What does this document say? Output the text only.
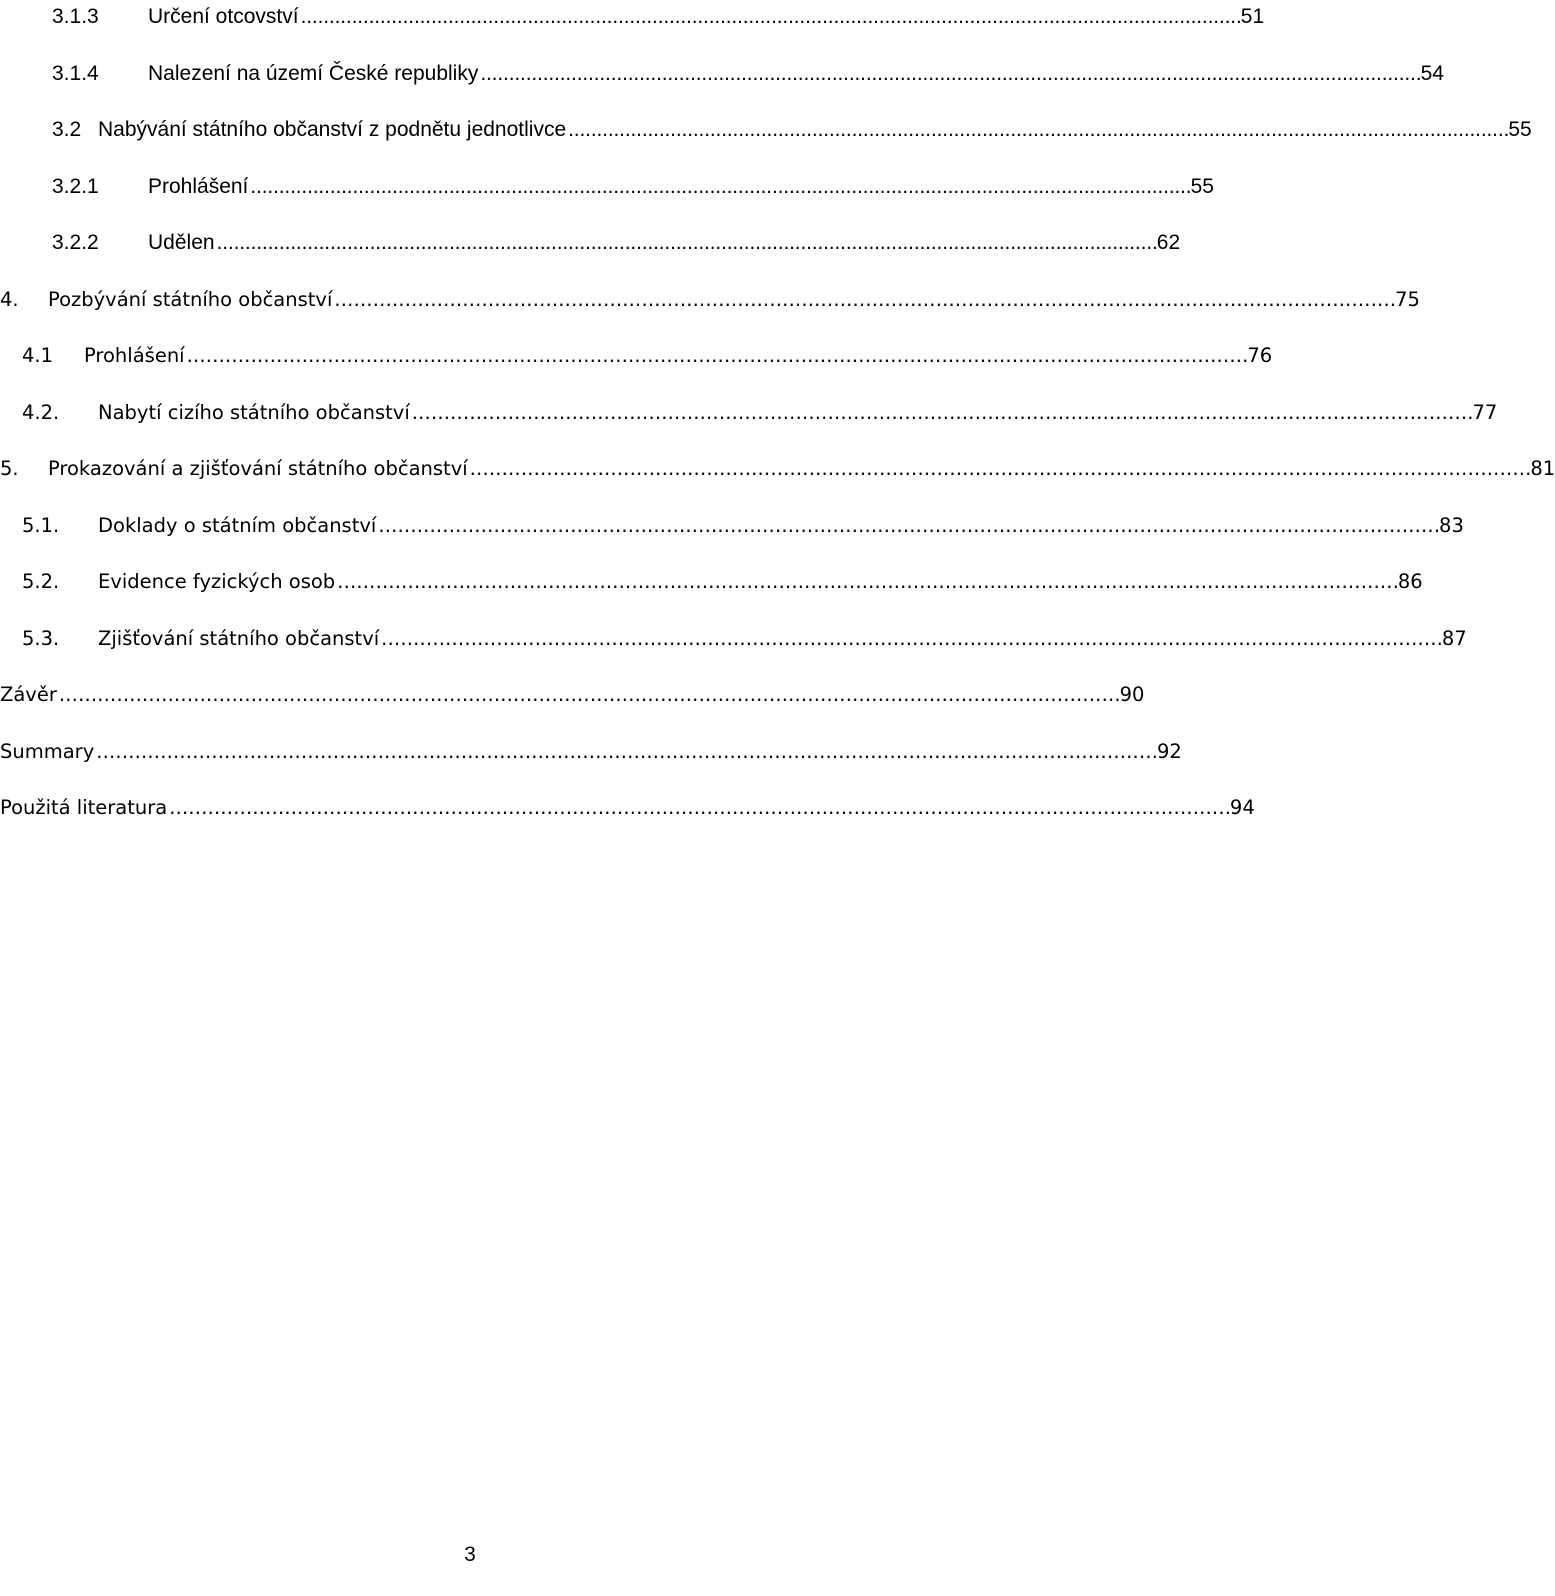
3.1.3	Určení otcovství . . .	51
3.1.4	Nalezení na území České republiky . . .	54
3.2 Nabývání státního občanství z podnětu jednotlivce . . .	55
3.2.1	Prohlášení . . .	55
3.2.2	Udělen . . .	62
4.	Pozbývání státního občanství . . .	75
4.1	Prohlášení . . .	76
4.2.	Nabytí cizího státního občanství . . .	77
5.	Prokazování a zjišťování státního občanství . . .	81
5.1.	Doklady o státním občanství . . .	83
5.2.	Evidence fyzických osob . . .	86
5.3.	Zjišťování státního občanství . . .	87
Závěr . . .	90
Summary . . .	92
Použitá literatura . . .	94
3
